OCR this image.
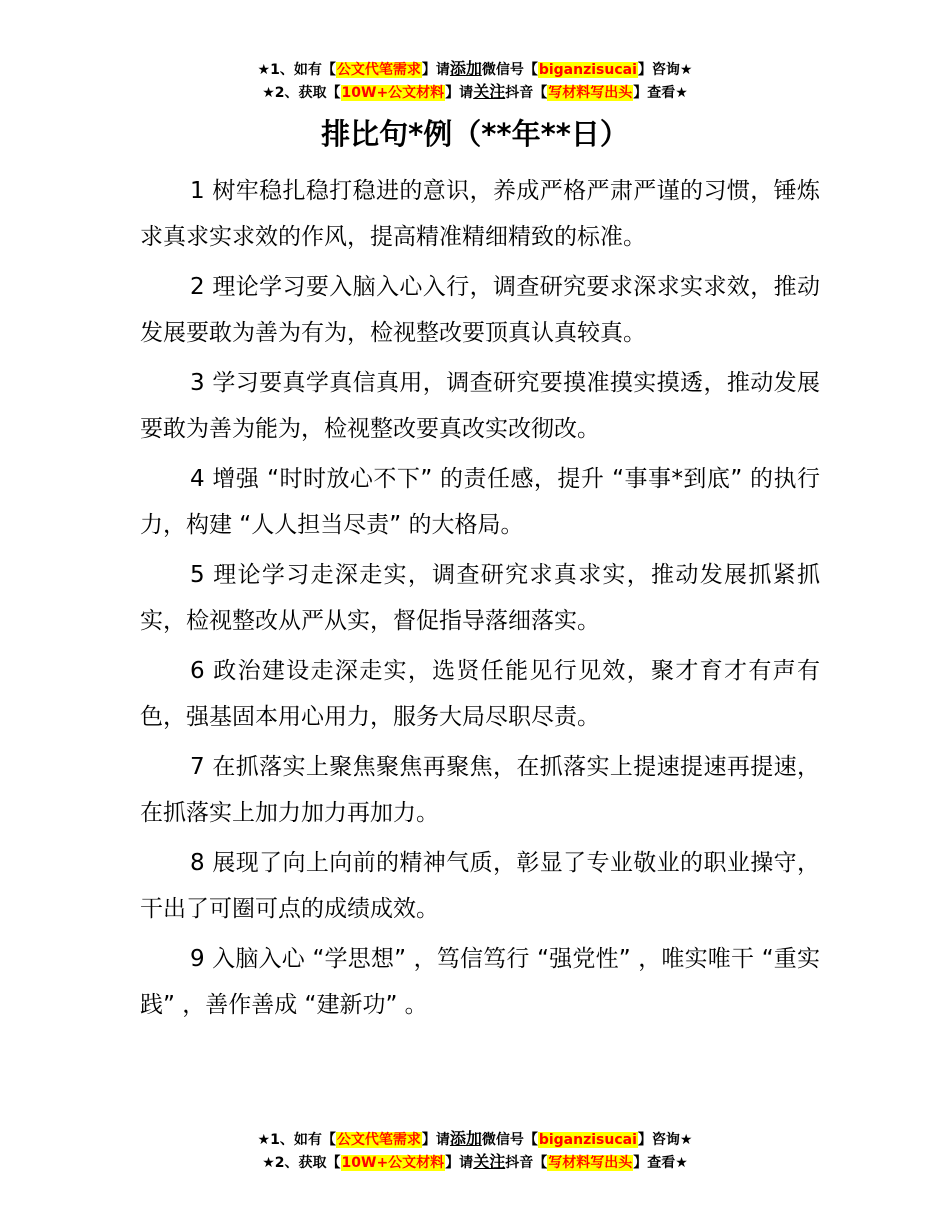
★1、如有【公文代笔需求】请添加微信号【biganzisucai】咨询★
★2、获取【10W+公文材料】请关注抖音【写材料写出头】查看★
排比句*例（**年**日）

1 树牢稳扎稳打稳进的意识，养成严格严肃严谨的习惯，锤炼求真求实求效的作风，提高精准精细精致的标准。

2 理论学习要入脑入心入行，调查研究要求深求实求效，推动发展要敢为善为有为，检视整改要顶真认真较真。

3 学习要真学真信真用，调查研究要摸准摸实摸透，推动发展要敢为善为能为，检视整改要真改实改彻改。

4 增强 “时时放心不下” 的责任感，提升 “事事*到底” 的执行力，构建 “人人担当尽责” 的大格局。

5 理论学习走深走实，调查研究求真求实，推动发展抓紧抓实，检视整改从严从实，督促指导落细落实。

6 政治建设走深走实，选贤任能见行见效，聚才育才有声有色，强基固本用心用力，服务大局尽职尽责。

7 在抓落实上聚焦聚焦再聚焦，在抓落实上提速提速再提速，在抓落实上加力加力再加力。

8 展现了向上向前的精神气质，彰显了专业敬业的职业操守，干出了可圈可点的成绩成效。

9 入脑入心 “学思想” ，笃信笃行 “强党性” ，唯实唯干 “重实践” ，善作善成 “建新功” 。

★1、如有【公文代笔需求】请添加微信号【biganzisucai】咨询★
★2、获取【10W+公文材料】请关注抖音【写材料写出头】查看★
